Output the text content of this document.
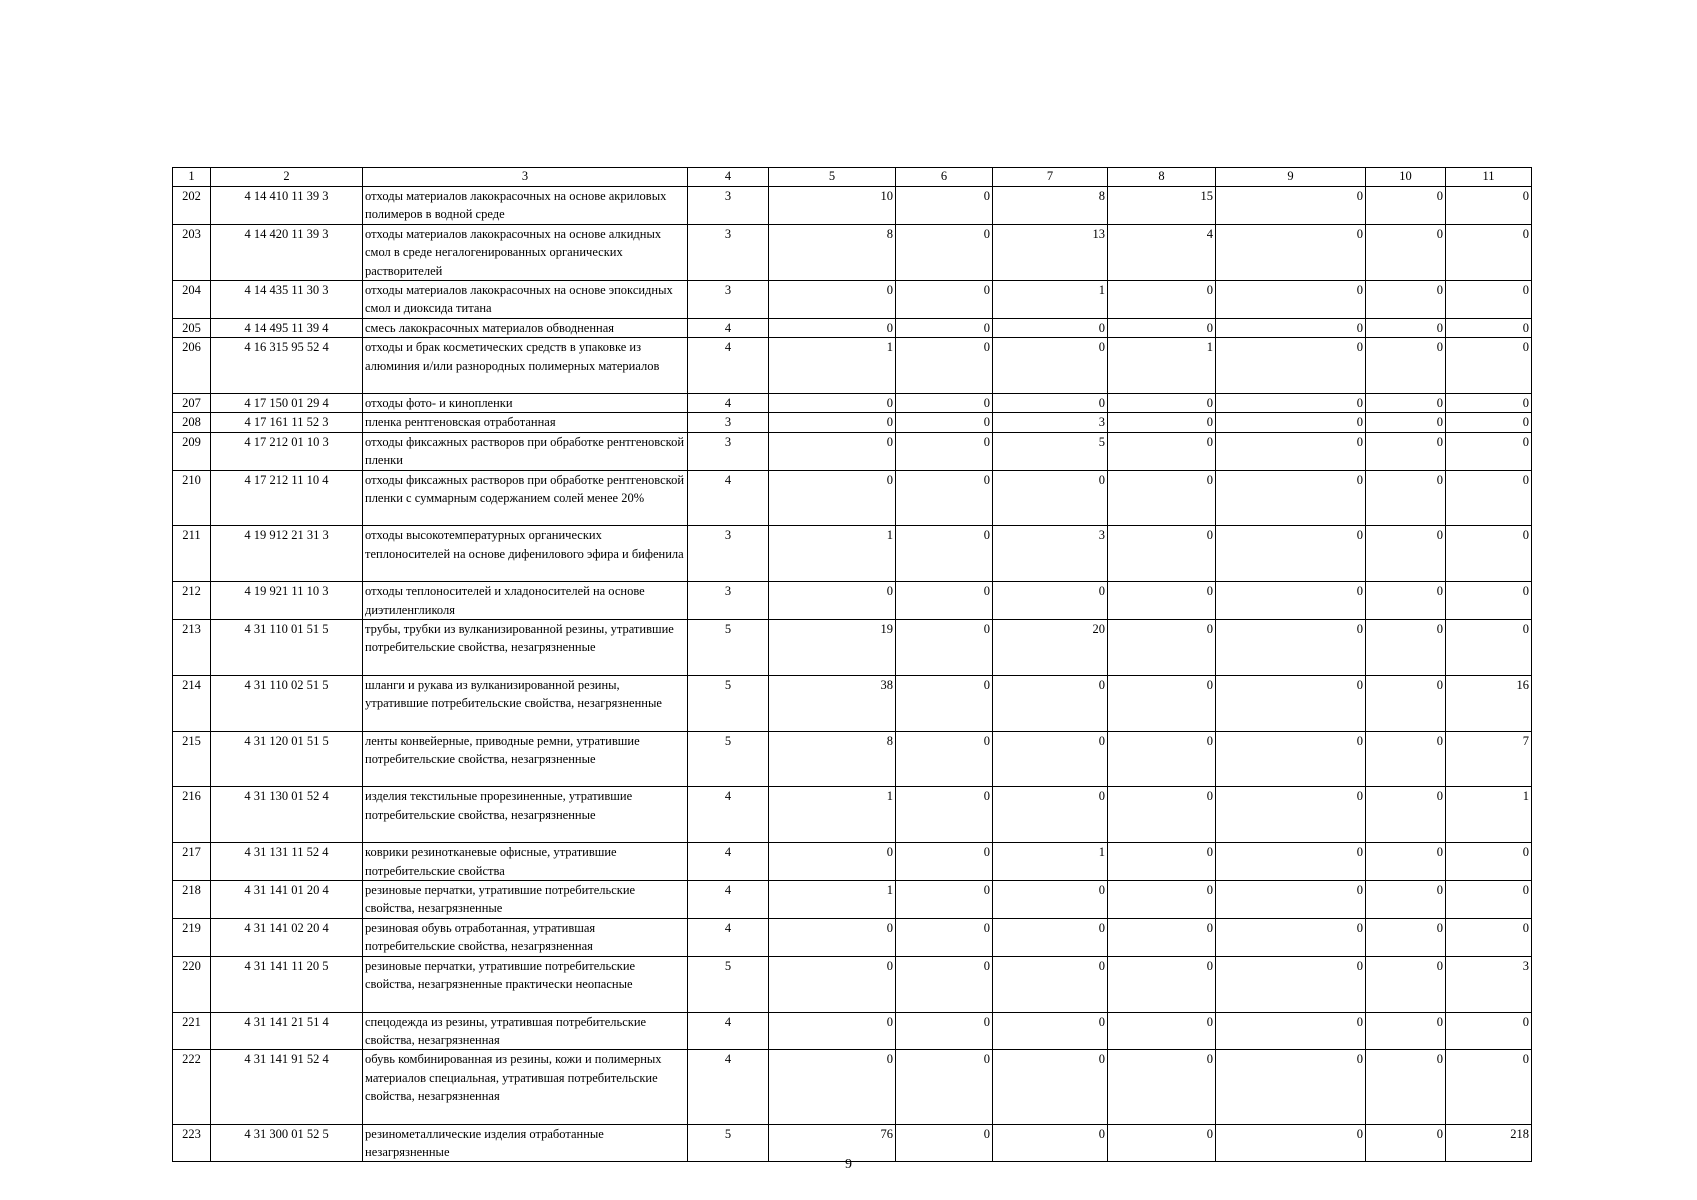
1	2	3	4	5	6	7	8	9	10	11
202	4 14 410 11 39 3	отходы материалов лакокрасочных на основе акриловых полимеров в водной среде	3	10	0	8	15	0	0	0
203	4 14 420 11 39 3	отходы материалов лакокрасочных на основе алкидных смол в среде негалогенированных органических растворителей	3	8	0	13	4	0	0	0
204	4 14 435 11 30 3	отходы материалов лакокрасочных на основе эпоксидных смол и диоксида титана	3	0	0	1	0	0	0	0
205	4 14 495 11 39 4	смесь лакокрасочных материалов обводненная	4	0	0	0	0	0	0	0
206	4 16 315 95 52 4	отходы и брак косметических средств в упаковке из алюминия и/или разнородных полимерных материалов	4	1	0	0	1	0	0	0
207	4 17 150 01 29 4	отходы фото- и кинопленки	4	0	0	0	0	0	0	0
208	4 17 161 11 52 3	пленка рентгеновская отработанная	3	0	0	3	0	0	0	0
209	4 17 212 01 10 3	отходы фиксажных растворов при обработке рентгеновской пленки	3	0	0	5	0	0	0	0
210	4 17 212 11 10 4	отходы фиксажных растворов при обработке рентгеновской пленки с суммарным содержанием солей менее 20%	4	0	0	0	0	0	0	0
211	4 19 912 21 31 3	отходы высокотемпературных органических теплоносителей на основе дифенилового эфира и бифенила	3	1	0	3	0	0	0	0
212	4 19 921 11 10 3	отходы теплоносителей и хладоносителей на основе диэтиленгликоля	3	0	0	0	0	0	0	0
213	4 31 110 01 51 5	трубы, трубки из вулканизированной резины, утратившие потребительские свойства, незагрязненные	5	19	0	20	0	0	0	0
214	4 31 110 02 51 5	шланги и рукава из вулканизированной резины, утратившие потребительские свойства, незагрязненные	5	38	0	0	0	0	0	16
215	4 31 120 01 51 5	ленты конвейерные, приводные ремни, утратившие потребительские свойства, незагрязненные	5	8	0	0	0	0	0	7
216	4 31 130 01 52 4	изделия текстильные прорезиненные, утратившие потребительские свойства, незагрязненные	4	1	0	0	0	0	0	1
217	4 31 131 11 52 4	коврики резинотканевые офисные, утратившие потребительские свойства	4	0	0	1	0	0	0	0
218	4 31 141 01 20 4	резиновые перчатки, утратившие потребительские свойства, незагрязненные	4	1	0	0	0	0	0	0
219	4 31 141 02 20 4	резиновая обувь отработанная, утратившая потребительские свойства, незагрязненная	4	0	0	0	0	0	0	0
220	4 31 141 11 20 5	резиновые перчатки, утратившие потребительские свойства, незагрязненные практически неопасные	5	0	0	0	0	0	0	3
221	4 31 141 21 51 4	спецодежда из резины, утратившая потребительские свойства, незагрязненная	4	0	0	0	0	0	0	0
222	4 31 141 91 52 4	обувь комбинированная из резины, кожи и полимерных материалов специальная, утратившая потребительские свойства, незагрязненная	4	0	0	0	0	0	0	0
223	4 31 300 01 52 5	резинометаллические изделия отработанные незагрязненные	5	76	0	0	0	0	0	218
9
